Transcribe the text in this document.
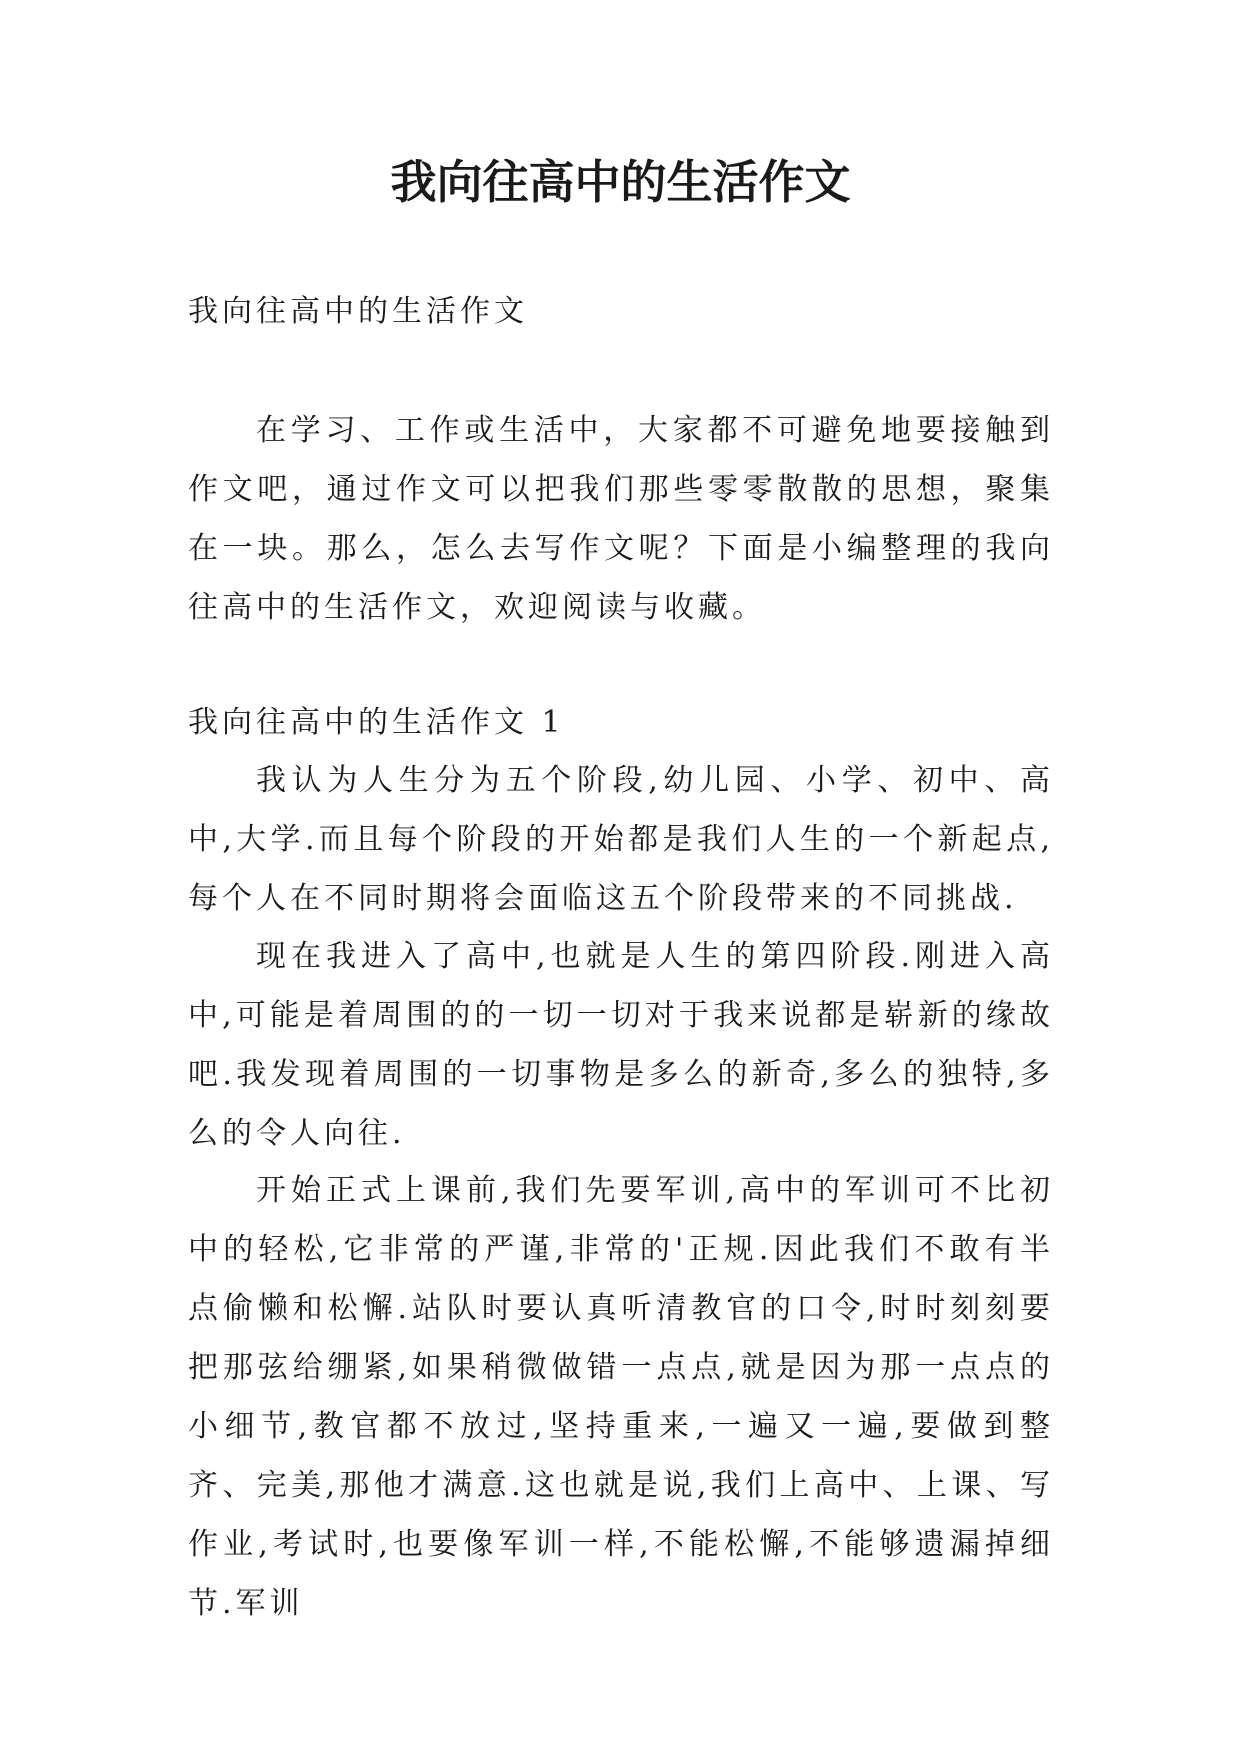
我向往高中的生活作文

我向往高中的生活作文

在学习、工作或生活中，大家都不可避免地要接触到作文吧，通过作文可以把我们那些零零散散的思想，聚集在一块。那么，怎么去写作文呢？下面是小编整理的我向往高中的生活作文，欢迎阅读与收藏。

我向往高中的生活作文 1

我认为人生分为五个阶段,幼儿园、小学、初中、高中,大学.而且每个阶段的开始都是我们人生的一个新起点,每个人在不同时期将会面临这五个阶段带来的不同挑战.

现在我进入了高中,也就是人生的第四阶段.刚进入高中,可能是着周围的的一切一切对于我来说都是崭新的缘故吧.我发现着周围的一切事物是多么的新奇,多么的独特,多么的令人向往.

开始正式上课前,我们先要军训,高中的军训可不比初中的轻松,它非常的严谨,非常的'正规.因此我们不敢有半点偷懒和松懈.站队时要认真听清教官的口令,时时刻刻要把那弦给绷紧,如果稍微做错一点点,就是因为那一点点的小细节,教官都不放过,坚持重来,一遍又一遍,要做到整齐、完美,那他才满意.这也就是说,我们上高中、上课、写作业,考试时,也要像军训一样,不能松懈,不能够遗漏掉细节.军训
